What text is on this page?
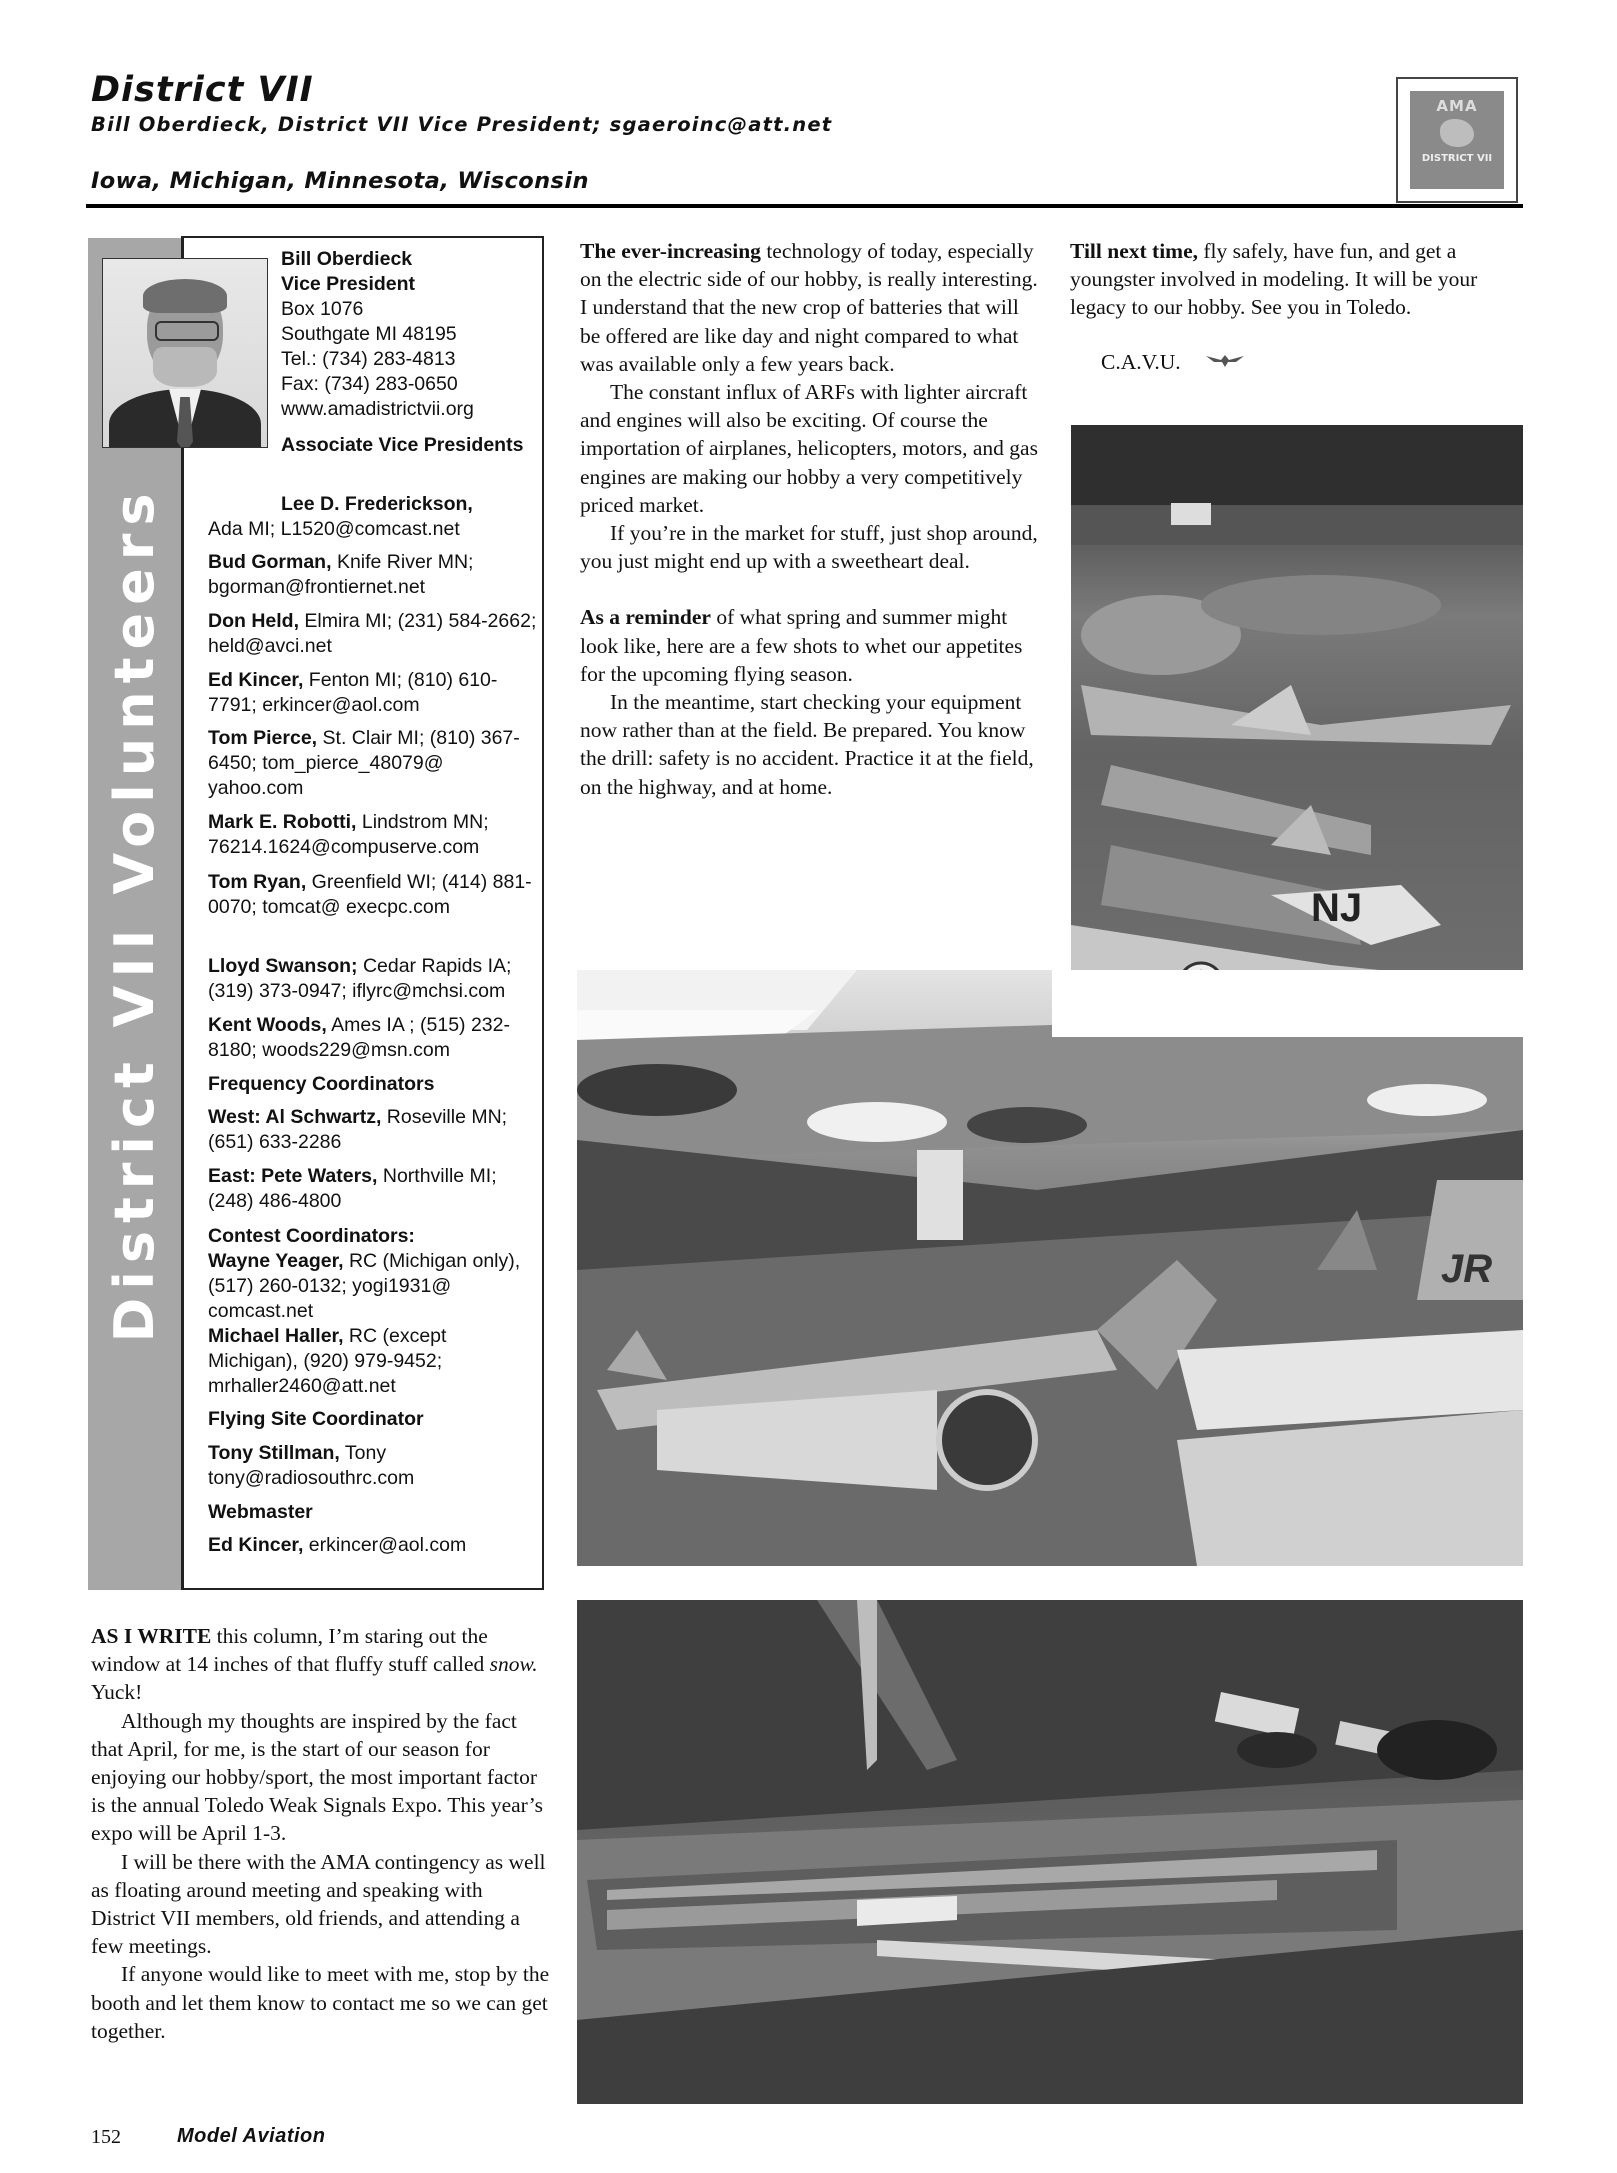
District VII
Bill Oberdieck, District VII Vice President; sgaeroinc@att.net
Iowa, Michigan, Minnesota, Wisconsin
AMA
DISTRICT VII
District VII Volunteers
Bill Oberdieck
Vice President
Box 1076
Southgate MI 48195
Tel.: (734) 283-4813
Fax: (734) 283-0650
www.amadistrictvii.org
Associate Vice Presidents
Lee D. Frederickson,
Ada MI; L1520@comcast.net
Bud Gorman, Knife River MN; bgorman@frontiernet.net
Don Held, Elmira MI; (231) 584-2662; held@avci.net
Ed Kincer, Fenton MI; (810) 610-7791; erkincer@aol.com
Tom Pierce, St. Clair MI; (810) 367-6450; tom_pierce_48079@ yahoo.com
Mark E. Robotti, Lindstrom MN; 76214.1624@compuserve.com
Tom Ryan, Greenfield WI; (414) 881-0070; tomcat@ execpc.com
Lloyd Swanson; Cedar Rapids IA; (319) 373-0947; iflyrc@mchsi.com
Kent Woods, Ames IA ; (515) 232-8180; woods229@msn.com
Frequency Coordinators
West: Al Schwartz, Roseville MN; (651) 633-2286
East: Pete Waters, Northville MI; (248) 486-4800
Contest Coordinators:
Wayne Yeager, RC (Michigan only), (517) 260-0132; yogi1931@ comcast.net
Michael Haller, RC (except Michigan), (920) 979-9452; mrhaller2460@att.net
Flying Site Coordinator
Tony Stillman, Tony tony@radiosouthrc.com
Webmaster
Ed Kincer, erkincer@aol.com

The ever-increasing technology of today, especially on the electric side of our hobby, is really interesting. I understand that the new crop of batteries that will be offered are like day and night compared to what was available only a few years back.

The constant influx of ARFs with lighter aircraft and engines will also be exciting. Of course the importation of airplanes, helicopters, motors, and gas engines are making our hobby a very competitively priced market.

If you’re in the market for stuff, just shop around, you just might end up with a sweetheart deal.

As a reminder of what spring and summer might look like, here are a few shots to whet our appetites for the upcoming flying season.

In the meantime, start checking your equipment now rather than at the field. Be prepared. You know the drill: safety is no accident. Practice it at the field, on the highway, and at home.

Till next time, fly safely, have fun, and get a youngster involved in modeling. It will be your legacy to our hobby. See you in Toledo.

C.A.V.U.

AS I WRITE this column, I’m staring out the window at 14 inches of that fluffy stuff called snow. Yuck!

Although my thoughts are inspired by the fact that April, for me, is the start of our season for enjoying our hobby/sport, the most important factor is the annual Toledo Weak Signals Expo. This year’s expo will be April 1-3.

I will be there with the AMA contingency as well as floating around meeting and speaking with District VII members, old friends, and attending a few meetings.

If anyone would like to meet with me, stop by the booth and let them know to contact me so we can get together.

NJ
JR
152	Model Aviation
